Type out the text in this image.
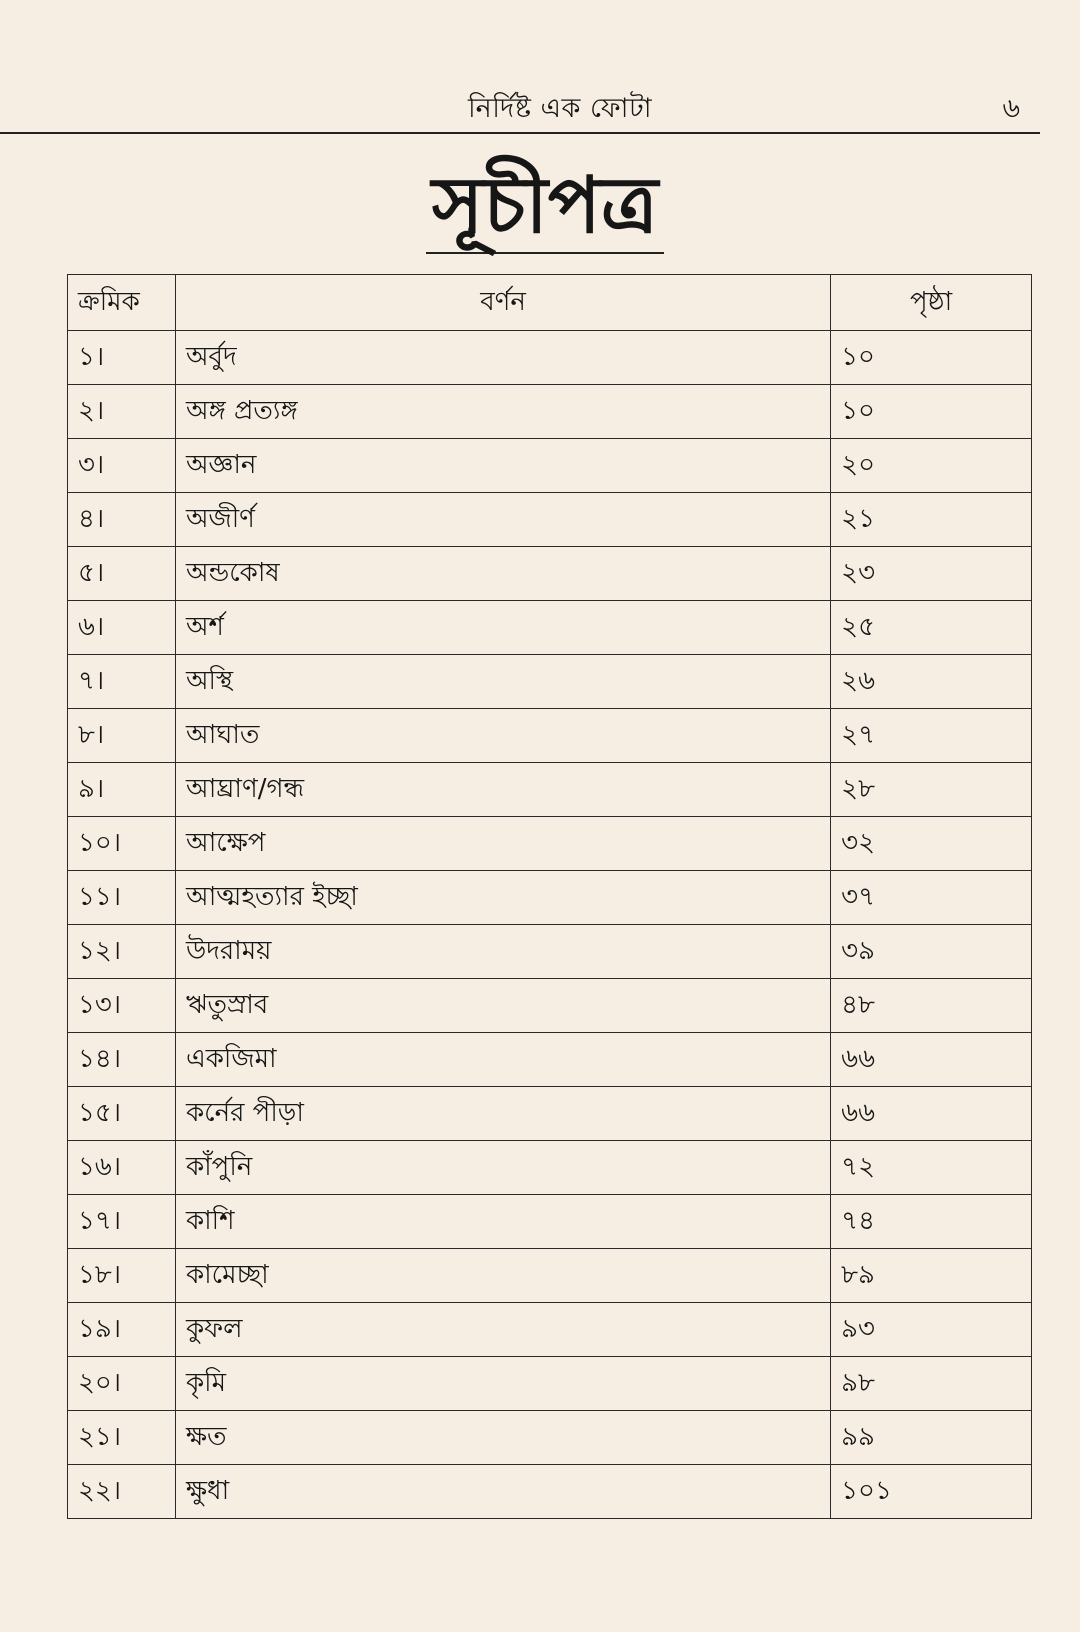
নির্দিষ্ট এক ফোটা	৬
সূচীপত্র
ক্রমিক	বর্ণন	পৃষ্ঠা
১।	অর্বুদ	১০
২।	অঙ্গ প্রত্যঙ্গ	১০
৩।	অজ্ঞান	২০
৪।	অজীর্ণ	২১
৫।	অন্ডকোষ	২৩
৬।	অর্শ	২৫
৭।	অস্থি	২৬
৮।	আঘাত	২৭
৯।	আঘ্রাণ/গন্ধ	২৮
১০।	আক্ষেপ	৩২
১১।	আত্মহত্যার ইচ্ছা	৩৭
১২।	উদরাময়	৩৯
১৩।	ঋতুস্রাব	৪৮
১৪।	একজিমা	৬৬
১৫।	কর্নের পীড়া	৬৬
১৬।	কাঁপুনি	৭২
১৭।	কাশি	৭৪
১৮।	কামেচ্ছা	৮৯
১৯।	কুফল	৯৩
২০।	কৃমি	৯৮
২১।	ক্ষত	৯৯
২২।	ক্ষুধা	১০১
